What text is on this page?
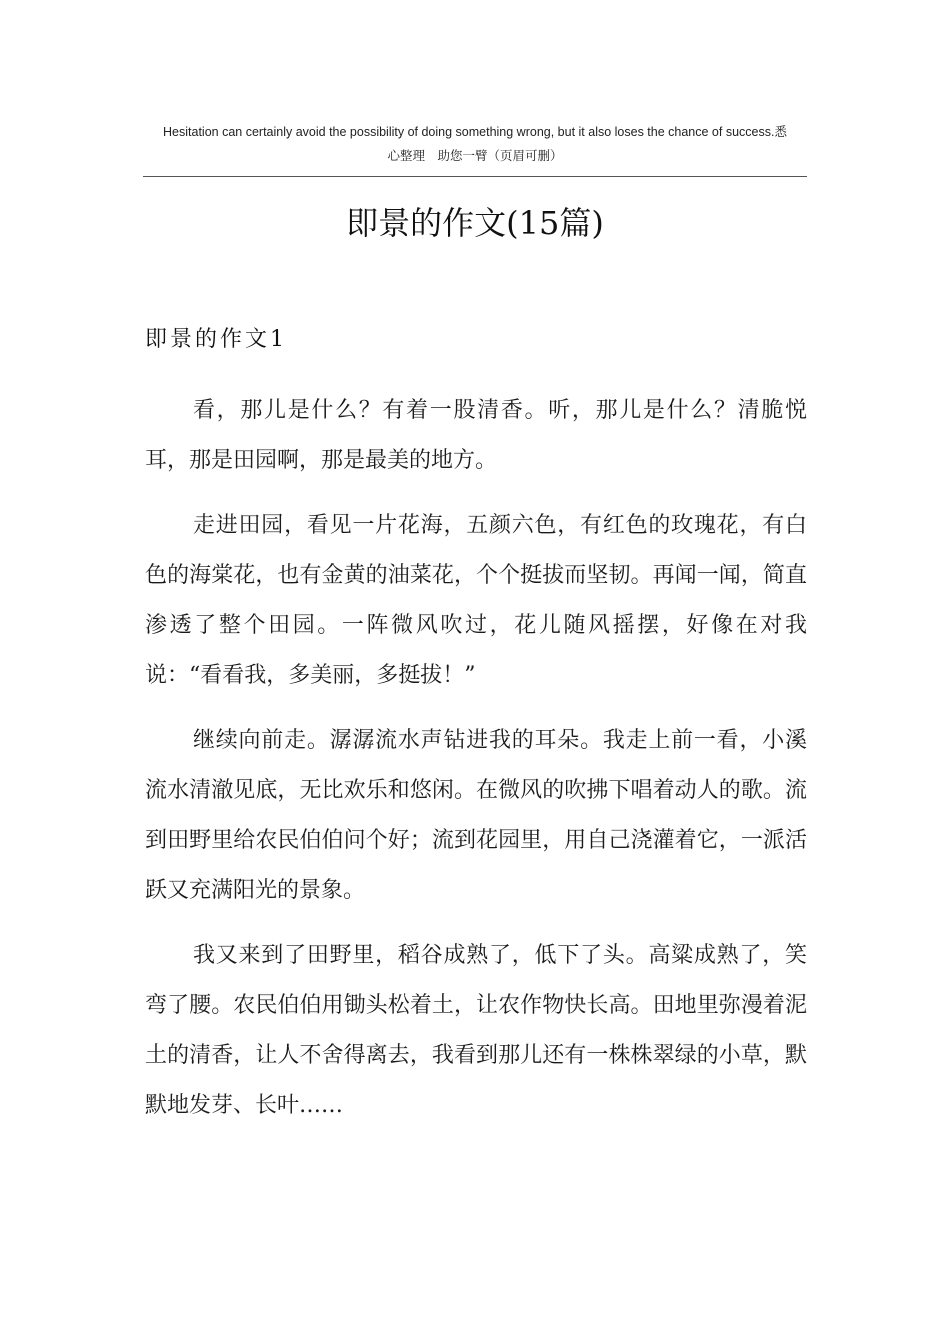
Hesitation can certainly avoid the possibility of doing something wrong, but it also loses the chance of success.悉
心整理　助您一臂（页眉可删）
即景的作文(15篇)
即景的作文1

看，那儿是什么？有着一股清香。听，那儿是什么？清脆悦耳，那是田园啊，那是最美的地方。

走进田园，看见一片花海，五颜六色，有红色的玫瑰花，有白色的海棠花，也有金黄的油菜花，个个挺拔而坚韧。再闻一闻，简直渗透了整个田园。一阵微风吹过，花儿随风摇摆，好像在对我说：“看看我，多美丽，多挺拔！”

继续向前走。潺潺流水声钻进我的耳朵。我走上前一看，小溪流水清澈见底，无比欢乐和悠闲。在微风的吹拂下唱着动人的歌。流到田野里给农民伯伯问个好；流到花园里，用自己浇灌着它，一派活跃又充满阳光的景象。

我又来到了田野里，稻谷成熟了，低下了头。高粱成熟了，笑弯了腰。农民伯伯用锄头松着土，让农作物快长高。田地里弥漫着泥土的清香，让人不舍得离去，我看到那儿还有一株株翠绿的小草，默默地发芽、长叶……
